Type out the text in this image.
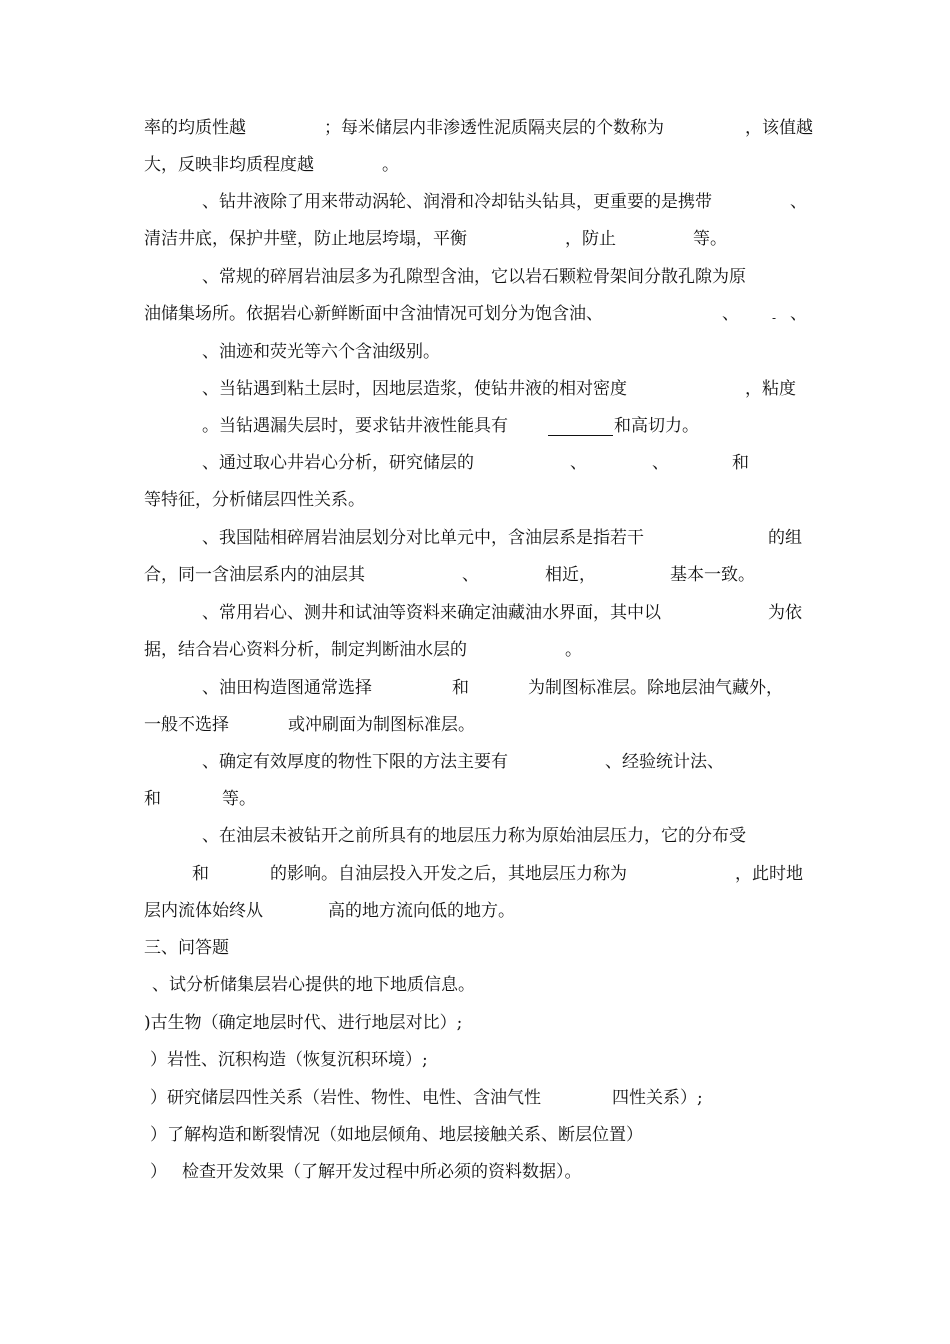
率的均质性越

	；每米储层内非渗透性泥质隔夹层的个数称为

	，该值越

大，反映非均质程度越

	。

、钻井液除了用来带动涡轮、润滑和冷却钻头钻具，更重要的是携带

	、

清洁井底，保护井壁，防止地层垮塌，平衡

	，防止

	等。

、常规的碎屑岩油层多为孔隙型含油，它以岩石颗粒骨架间分散孔隙为原

油储集场所。依据岩心新鲜断面中含油情况可划分为饱含油、

	、

	-

、

、油迹和荧光等六个含油级别。

、当钻遇到粘土层时，因地层造浆，使钻井液的相对密度

	，粘度

。当钻遇漏失层时，要求钻井液性能具有

	和高切力。

、通过取心井岩心分析，研究储层的

	、

	、

	和

等特征，分析储层四性关系。

、我国陆相碎屑岩油层划分对比单元中，含油层系是指若干

	的组

合，同一含油层系内的油层其

	、

	相近，

	基本一致。

、常用岩心、测井和试油等资料来确定油藏油水界面，其中以

	为依

据，结合岩心资料分析，制定判断油水层的

	。

、油田构造图通常选择

	和

	为制图标准层。除地层油气藏外，

一般不选择

	或冲刷面为制图标准层。

、确定有效厚度的物性下限的方法主要有

	、经验统计法、

和

	等。

、在油层未被钻开之前所具有的地层压力称为原始油层压力，它的分布受

和

	的影响。自油层投入开发之后，其地层压力称为

	，此时地

层内流体始终从

	高的地方流向低的地方。

三、问答题

、试分析储集层岩心提供的地下地质信息。

)古生物（确定地层时代、进行地层对比）;

）岩性、沉积构造（恢复沉积环境）;

）研究储层四性关系（岩性、物性、电性、含油气性

	四性关系）;

）了解构造和断裂情况（如地层倾角、地层接触关系、断层位置）

）

检查开发效果（了解开发过程中所必须的资料数据）。
